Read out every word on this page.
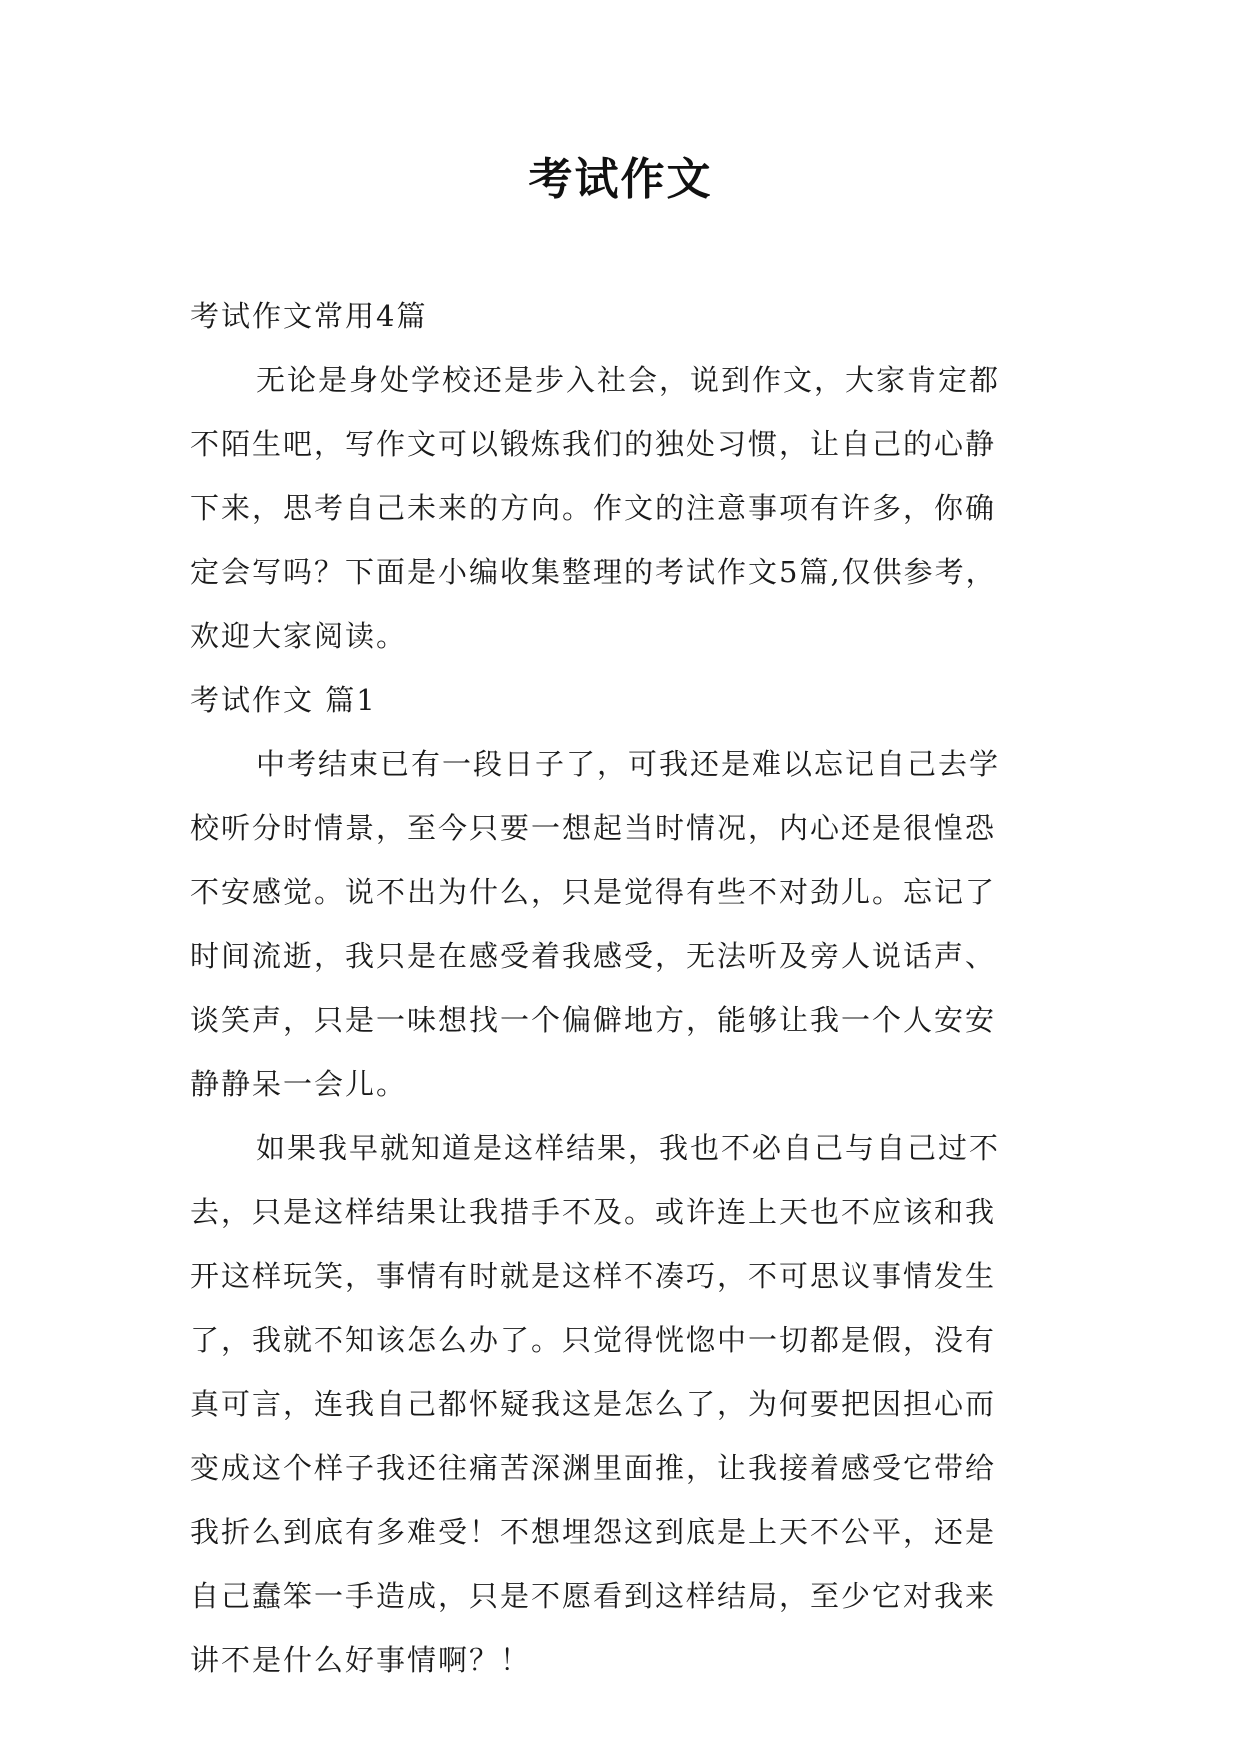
考试作文
考试作文常用4篇
无论是身处学校还是步入社会，说到作文，大家肯定都
不陌生吧，写作文可以锻炼我们的独处习惯，让自己的心静
下来，思考自己未来的方向。作文的注意事项有许多，你确
定会写吗？下面是小编收集整理的考试作文5篇,仅供参考，
欢迎大家阅读。
考试作文 篇1
中考结束已有一段日子了，可我还是难以忘记自己去学
校听分时情景，至今只要一想起当时情况，内心还是很惶恐
不安感觉。说不出为什么，只是觉得有些不对劲儿。忘记了
时间流逝，我只是在感受着我感受，无法听及旁人说话声、
谈笑声，只是一味想找一个偏僻地方，能够让我一个人安安
静静呆一会儿。
如果我早就知道是这样结果，我也不必自己与自己过不
去，只是这样结果让我措手不及。或许连上天也不应该和我
开这样玩笑，事情有时就是这样不凑巧，不可思议事情发生
了，我就不知该怎么办了。只觉得恍惚中一切都是假，没有
真可言，连我自己都怀疑我这是怎么了，为何要把因担心而
变成这个样子我还往痛苦深渊里面推，让我接着感受它带给
我折么到底有多难受！不想埋怨这到底是上天不公平，还是
自己蠢笨一手造成，只是不愿看到这样结局，至少它对我来
讲不是什么好事情啊？！
